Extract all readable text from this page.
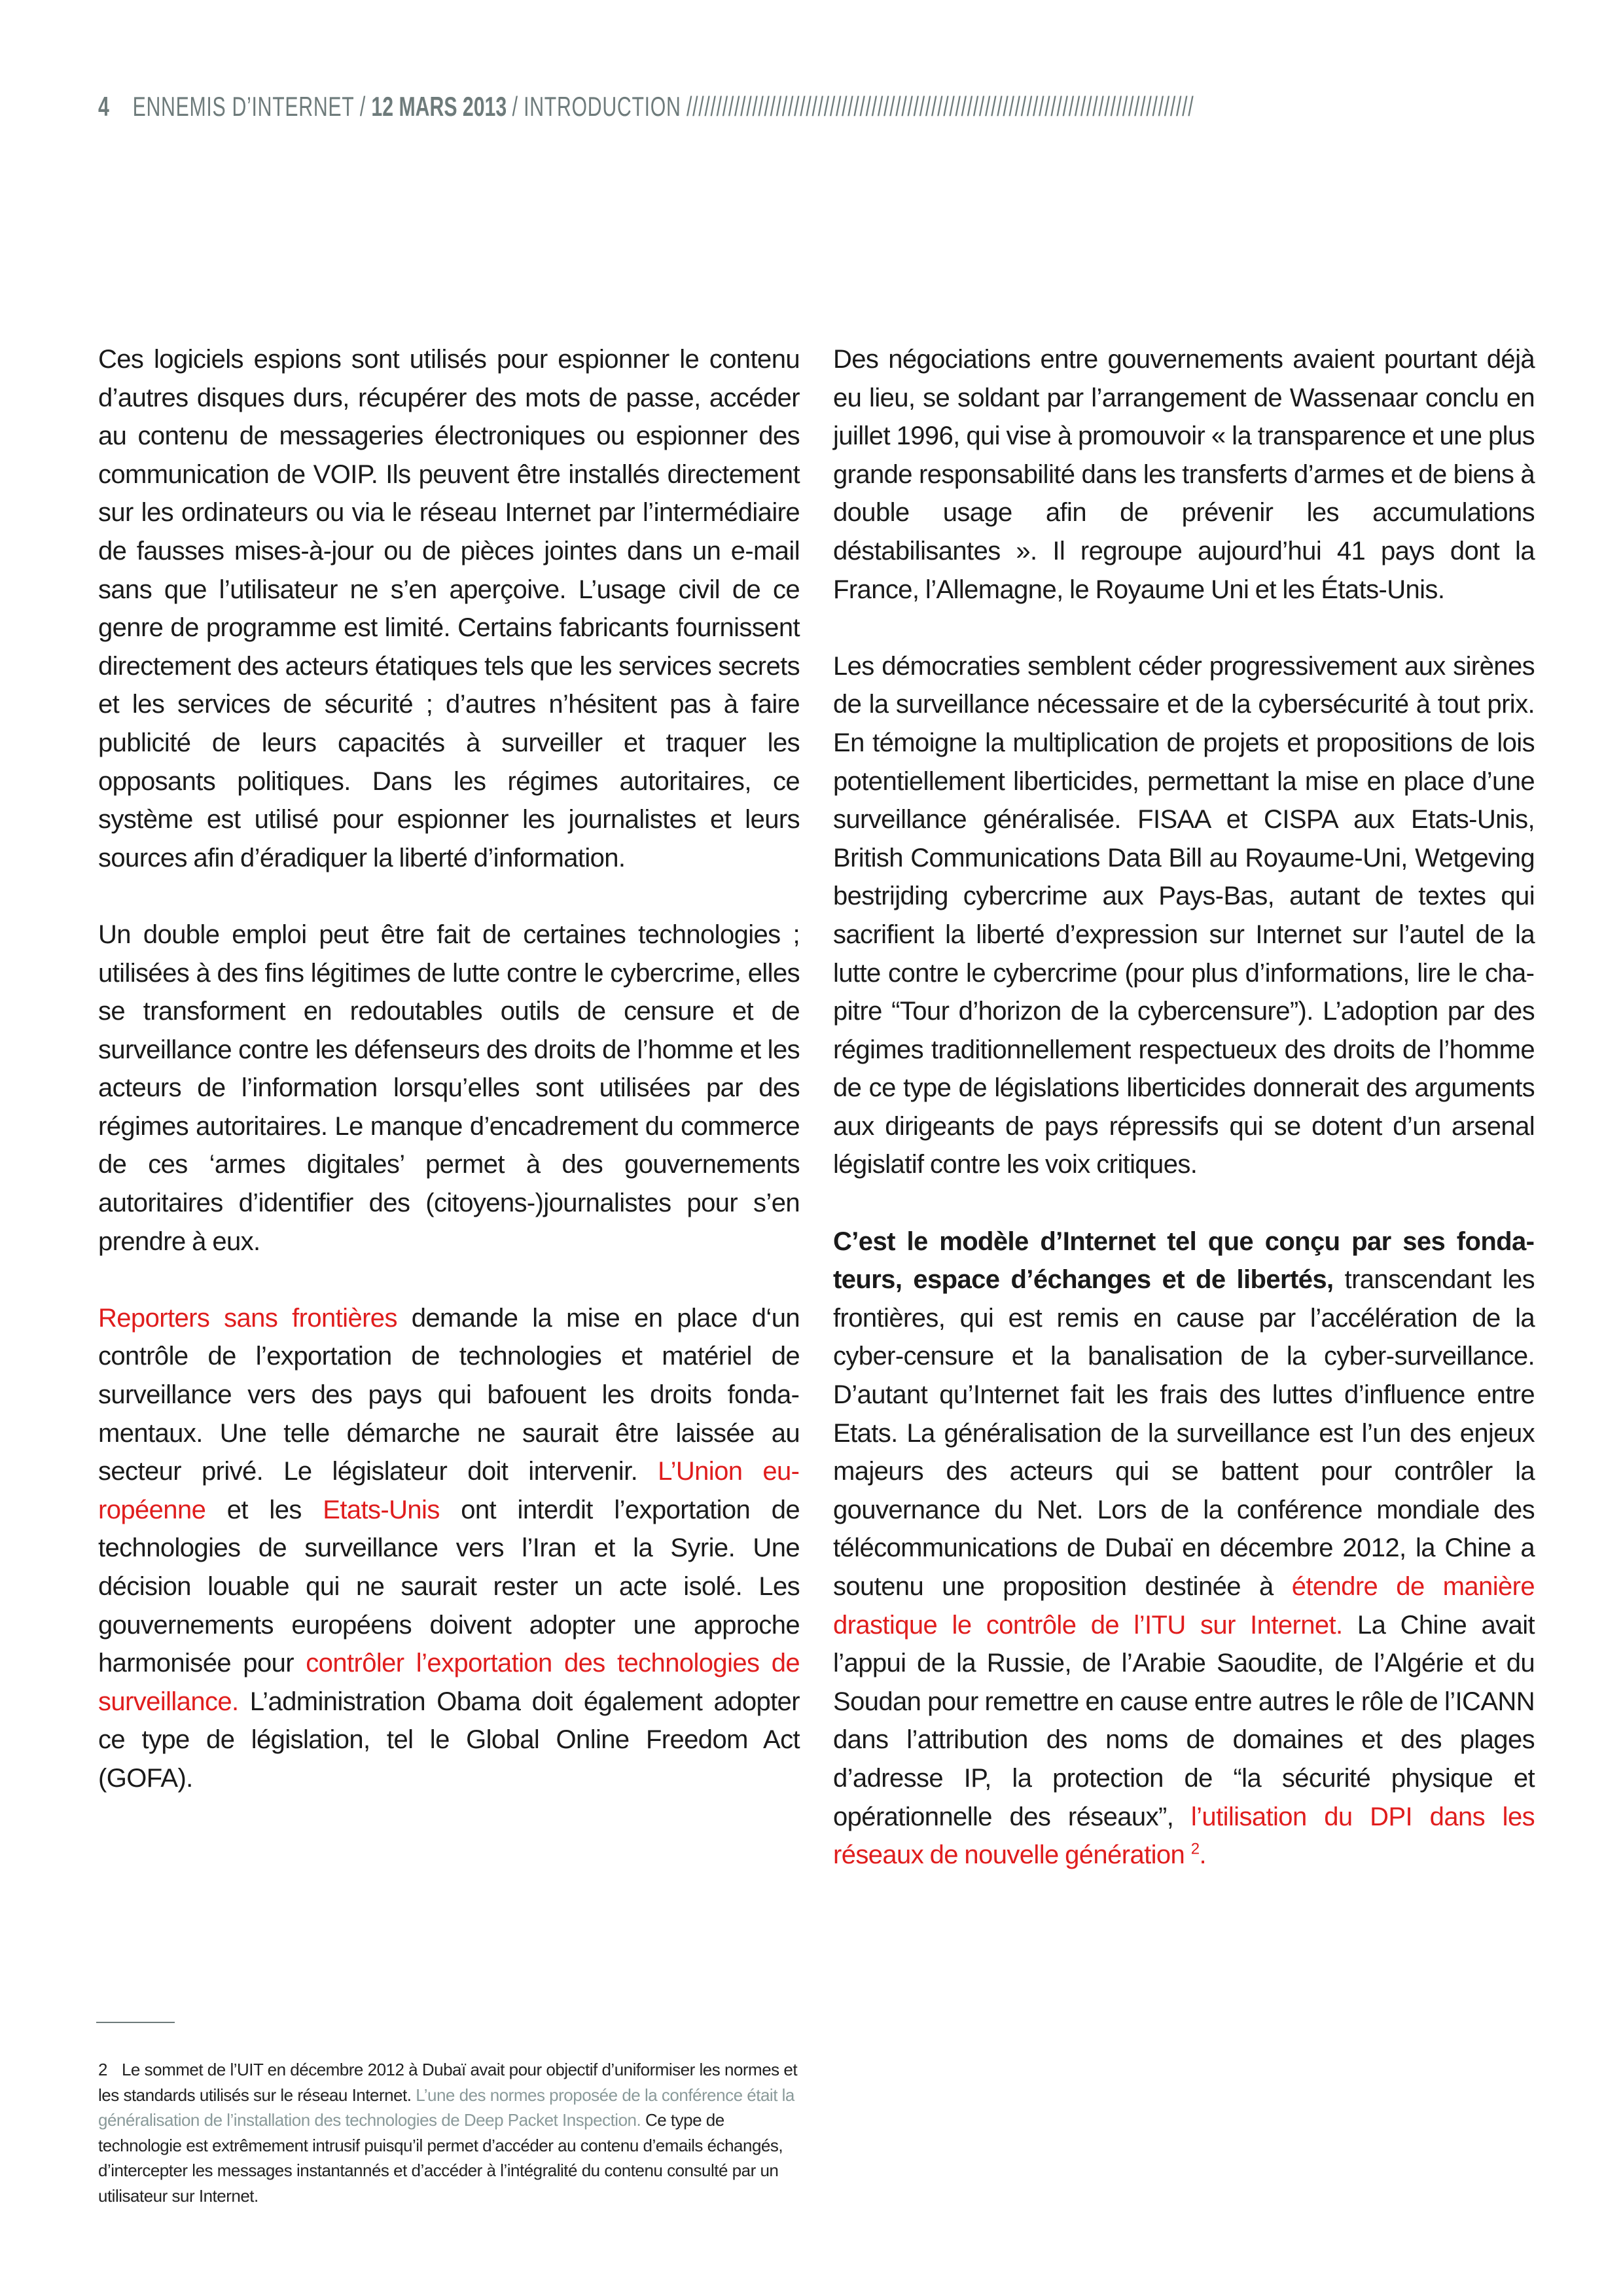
4 ENNEMIS D’INTERNET / 12 MARS 2013 / INTRODUCTION /////////////////////////////////////////////////////////////////////////////////////

Ces logiciels espions sont utilisés pour espionner le contenu d’autres disques durs, récupérer des mots de passe, accéder au contenu de messageries électroniques ou espionner des communication de VOIP. Ils peuvent être installés directement sur les ordinateurs ou via le réseau Internet par l’intermédiaire de fausses mises-à-jour ou de pièces jointes dans un e-mail sans que l’utilisateur ne s’en aperçoive. L’usage civil de ce genre de programme est limité. Certains fabricants fournissent directement des acteurs étatiques tels que les services secrets et les services de sécurité ; d’autres n’hésitent pas à faire publicité de leurs capacités à surveiller et traquer les opposants politiques. Dans les régimes autoritaires, ce système est utilisé pour espionner les journalistes et leurs sources afin d’éradiquer la liberté d’information.

Un double emploi peut être fait de certaines technologies ; utilisées à des fins légitimes de lutte contre le cybercrime, elles se transforment en redoutables outils de censure et de surveillance contre les défenseurs des droits de l’homme et les acteurs de l’information lorsqu’elles sont utilisées par des régimes autoritaires. Le manque d’encadrement du commerce de ces ‘armes digitales’ permet à des gouvernements autoritaires d’identifier des (citoyens-)journalistes pour s’en prendre à eux.

Reporters sans frontières demande la mise en place d‘un contrôle de l’exportation de technologies et matériel de surveillance vers des pays qui bafouent les droits fondamentaux. Une telle démarche ne saurait être laissée au secteur privé. Le législateur doit intervenir. L’Union européenne et les Etats-Unis ont interdit l’exportation de technologies de surveillance vers l’Iran et la Syrie. Une décision louable qui ne saurait rester un acte isolé. Les gouvernements européens doivent adopter une approche harmonisée pour contrôler l’exportation des technologies de surveillance. L’administration Obama doit également adopter ce type de législation, tel le Global Online Freedom Act (GOFA).

Des négociations entre gouvernements avaient pourtant déjà eu lieu, se soldant par l’arrangement de Wassenaar conclu en juillet 1996, qui vise à promouvoir « la transparence et une plus grande responsabilité dans les transferts d’armes et de biens à double usage afin de prévenir les accumulations déstabilisantes ». Il regroupe aujourd’hui 41 pays dont la France, l’Allemagne, le Royaume Uni et les États-Unis.

Les démocraties semblent céder progressivement aux sirènes de la surveillance nécessaire et de la cybersécurité à tout prix. En témoigne la multiplication de projets et propositions de lois potentiellement liberticides, permettant la mise en place d’une surveillance généralisée. FISAA et CISPA aux Etats-Unis, British Communications Data Bill au Royaume-Uni, Wetgeving bestrijding cybercrime aux Pays-Bas, autant de textes qui sacrifient la liberté d’expression sur Internet sur l’autel de la lutte contre le cybercrime (pour plus d’informations, lire le chapitre “Tour d’horizon de la cybercensure”). L’adoption par des régimes traditionnellement respectueux des droits de l’homme de ce type de législations liberticides donnerait des arguments aux dirigeants de pays répressifs qui se dotent d’un arsenal législatif contre les voix critiques.

C’est le modèle d’Internet tel que conçu par ses fondateurs, espace d’échanges et de libertés, transcendant les frontières, qui est remis en cause par l’accélération de la cyber-censure et la banalisation de la cyber-surveillance. D’autant qu’Internet fait les frais des luttes d’influence entre Etats. La généralisation de la surveillance est l’un des enjeux majeurs des acteurs qui se battent pour contrôler la gouvernance du Net. Lors de la conférence mondiale des télécommunications de Dubaï en décembre 2012, la Chine a soutenu une proposition destinée à étendre de manière drastique le contrôle de l’ITU sur Internet. La Chine avait l’appui de la Russie, de l’Arabie Saoudite, de l’Algérie et du Soudan pour remettre en cause entre autres le rôle de l’ICANN dans l’attribution des noms de domaines et des plages d’adresse IP, la protection de “la sécurité physique et opérationnelle des réseaux”, l’utilisation du DPI dans les réseaux de nouvelle génération $^2$.

2 Le sommet de l’UIT en décembre 2012 à Dubaï avait pour objectif d’uniformiser les normes et les standards utilisés sur le réseau Internet. L’une des normes proposée de la conférence était la généralisation de l’installation des technologies de Deep Packet Inspection. Ce type de technologie est extrêmement intrusif puisqu’il permet d’accéder au contenu d’emails échangés, d’intercepter les messages instantannés et d’accéder à l’intégralité du contenu consulté par un utilisateur sur Internet.
